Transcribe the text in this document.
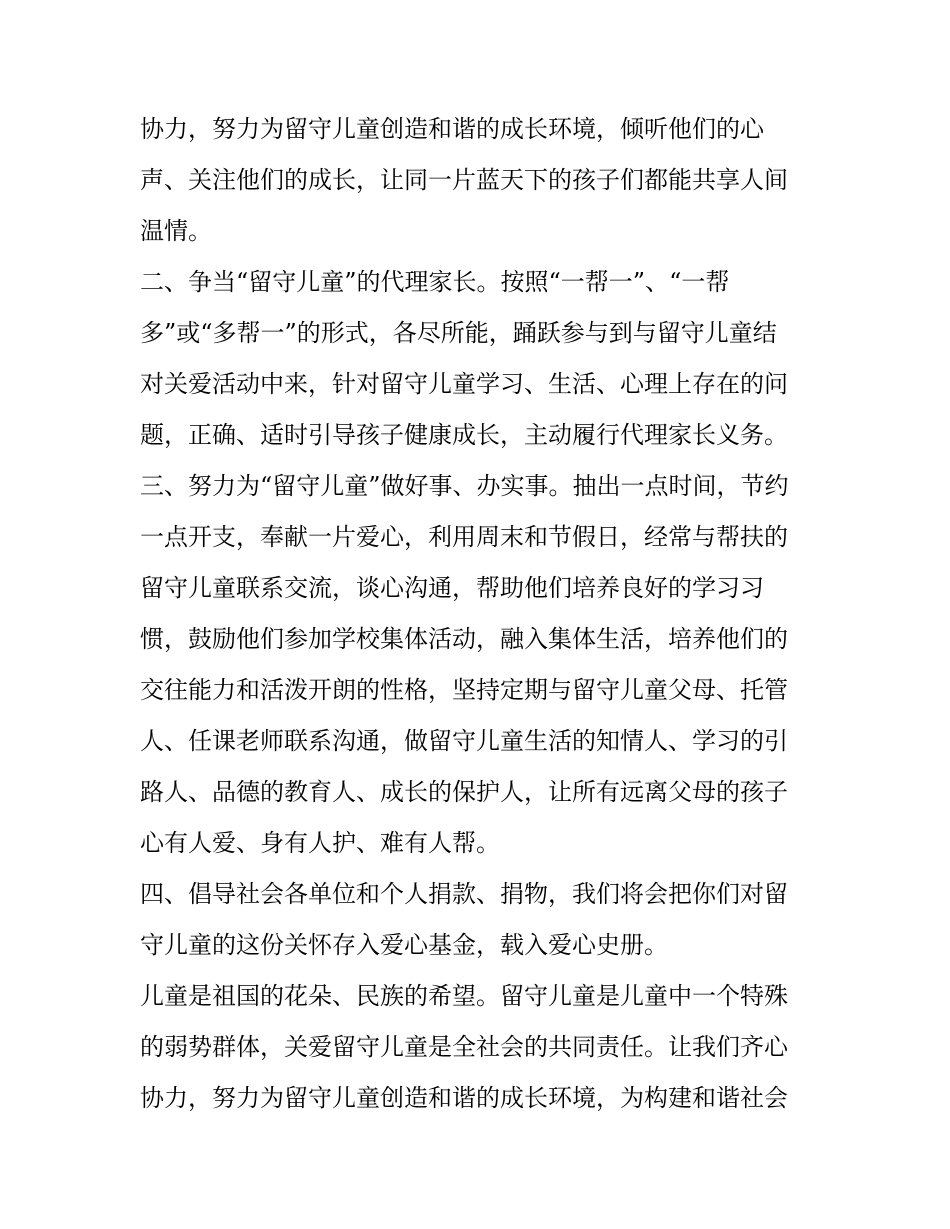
协力，努力为留守儿童创造和谐的成长环境，倾听他们的心
声、关注他们的成长，让同一片蓝天下的孩子们都能共享人间
温情。
二、争当“留守儿童”的代理家长。按照“一帮一”、“一帮
多”或“多帮一”的形式，各尽所能，踊跃参与到与留守儿童结
对关爱活动中来，针对留守儿童学习、生活、心理上存在的问
题，正确、适时引导孩子健康成长，主动履行代理家长义务。
三、努力为“留守儿童”做好事、办实事。抽出一点时间，节约
一点开支，奉献一片爱心，利用周末和节假日，经常与帮扶的
留守儿童联系交流，谈心沟通，帮助他们培养良好的学习习
惯，鼓励他们参加学校集体活动，融入集体生活，培养他们的
交往能力和活泼开朗的性格，坚持定期与留守儿童父母、托管
人、任课老师联系沟通，做留守儿童生活的知情人、学习的引
路人、品德的教育人、成长的保护人，让所有远离父母的孩子
心有人爱、身有人护、难有人帮。
四、倡导社会各单位和个人捐款、捐物，我们将会把你们对留
守儿童的这份关怀存入爱心基金，载入爱心史册。
儿童是祖国的花朵、民族的希望。留守儿童是儿童中一个特殊
的弱势群体，关爱留守儿童是全社会的共同责任。让我们齐心
协力，努力为留守儿童创造和谐的成长环境，为构建和谐社会
